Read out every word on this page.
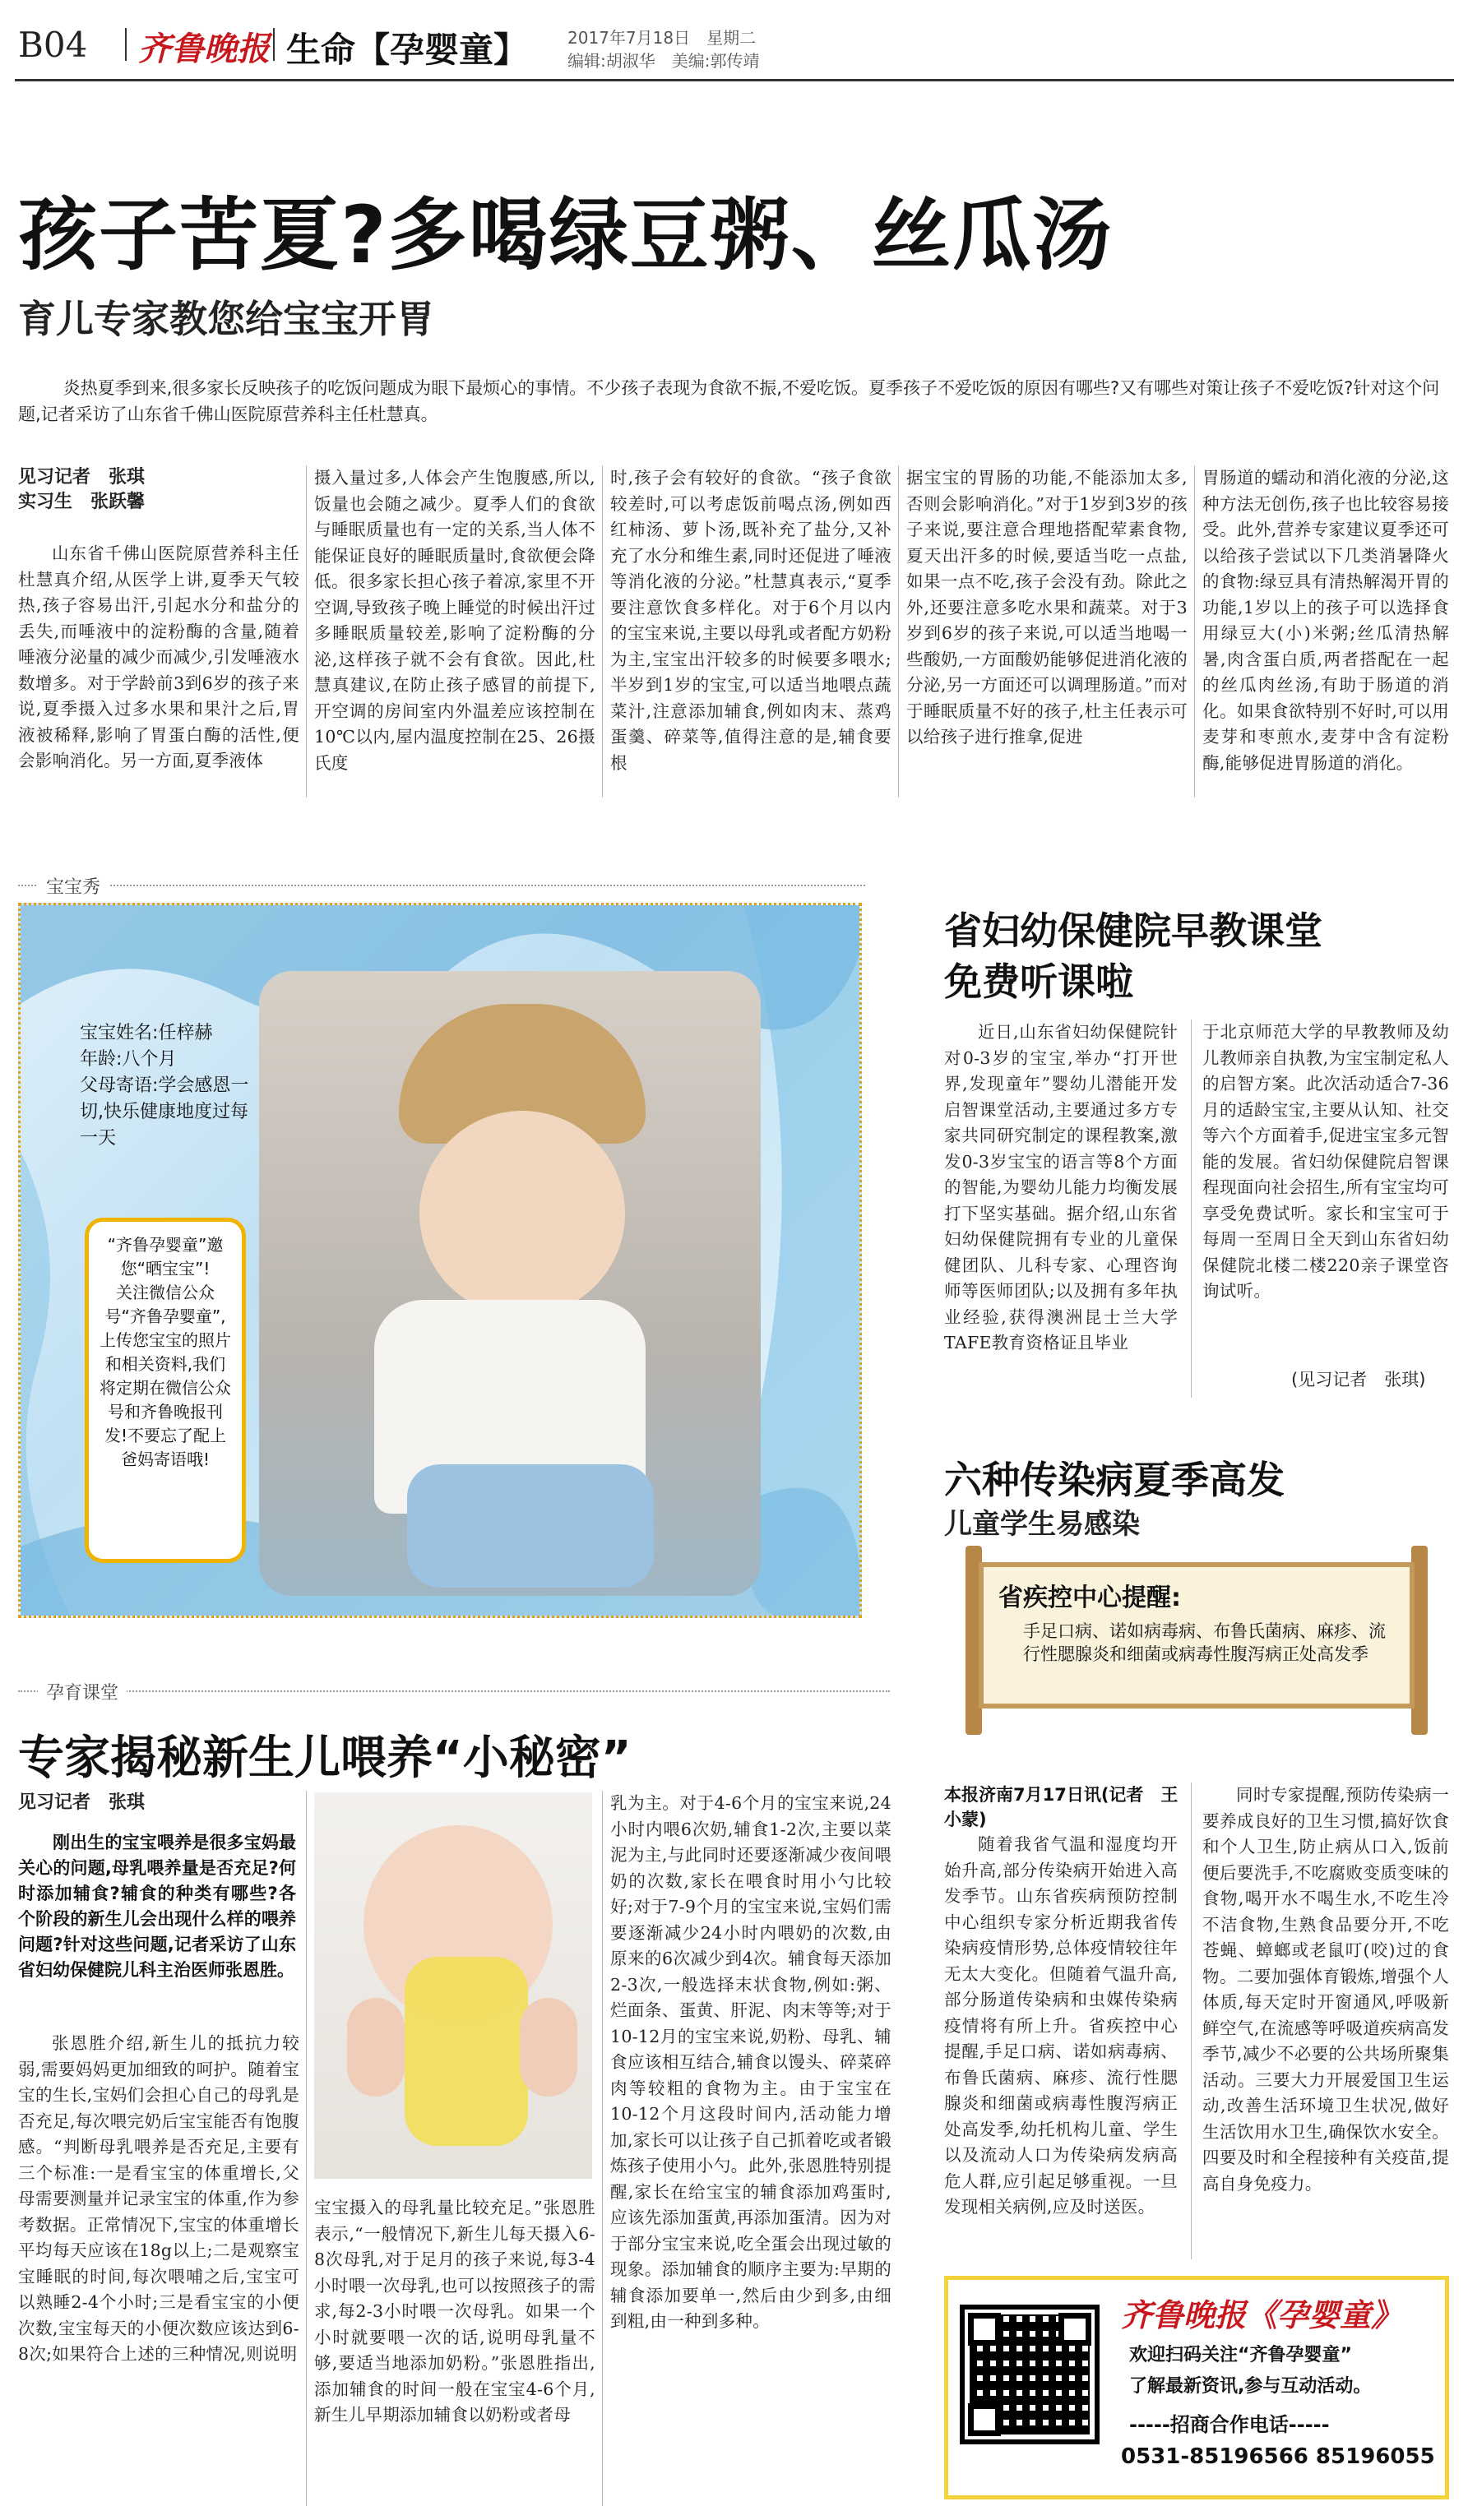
B04 齐鲁晚报 生命【孕婴童】 2017年7月18日　星期二
编辑:胡淑华　美编:郭传靖
孩子苦夏?多喝绿豆粥、丝瓜汤
育儿专家教您给宝宝开胃
炎热夏季到来,很多家长反映孩子的吃饭问题成为眼下最烦心的事情。不少孩子表现为食欲不振,不爱吃饭。夏季孩子不爱吃饭的原因有哪些?又有哪些对策让孩子不爱吃饭?针对这个问题,记者采访了山东省千佛山医院原营养科主任杜慧真。
见习记者　张琪
实习生　张跃馨

山东省千佛山医院原营养科主任杜慧真介绍,从医学上讲,夏季天气较热,孩子容易出汗,引起水分和盐分的丢失,而唾液中的淀粉酶的含量,随着唾液分泌量的减少而减少,引发唾液水数增多。对于学龄前3到6岁的孩子来说,夏季摄入过多水果和果汁之后,胃液被稀释,影响了胃蛋白酶的活性,便会影响消化。另一方面,夏季液体

摄入量过多,人体会产生饱腹感,所以,饭量也会随之减少。夏季人们的食欲与睡眠质量也有一定的关系,当人体不能保证良好的睡眠质量时,食欲便会降低。很多家长担心孩子着凉,家里不开空调,导致孩子晚上睡觉的时候出汗过多睡眠质量较差,影响了淀粉酶的分泌,这样孩子就不会有食欲。因此,杜慧真建议,在防止孩子感冒的前提下,开空调的房间室内外温差应该控制在10℃以内,屋内温度控制在25、26摄氏度

时,孩子会有较好的食欲。“孩子食欲较差时,可以考虑饭前喝点汤,例如西红柿汤、萝卜汤,既补充了盐分,又补充了水分和维生素,同时还促进了唾液等消化液的分泌。”杜慧真表示,“夏季要注意饮食多样化。对于6个月以内的宝宝来说,主要以母乳或者配方奶粉为主,宝宝出汗较多的时候要多喂水;半岁到1岁的宝宝,可以适当地喂点蔬菜汁,注意添加辅食,例如肉末、蒸鸡蛋羹、碎菜等,值得注意的是,辅食要根

据宝宝的胃肠的功能,不能添加太多,否则会影响消化。”对于1岁到3岁的孩子来说,要注意合理地搭配荤素食物,夏天出汗多的时候,要适当吃一点盐,如果一点不吃,孩子会没有劲。除此之外,还要注意多吃水果和蔬菜。对于3岁到6岁的孩子来说,可以适当地喝一些酸奶,一方面酸奶能够促进消化液的分泌,另一方面还可以调理肠道。”而对于睡眠质量不好的孩子,杜主任表示可以给孩子进行推拿,促进

胃肠道的蠕动和消化液的分泌,这种方法无创伤,孩子也比较容易接受。此外,营养专家建议夏季还可以给孩子尝试以下几类消暑降火的食物:绿豆具有清热解渴开胃的功能,1岁以上的孩子可以选择食用绿豆大(小)米粥;丝瓜清热解暑,肉含蛋白质,两者搭配在一起的丝瓜肉丝汤,有助于肠道的消化。如果食欲特别不好时,可以用麦芽和枣煎水,麦芽中含有淀粉酶,能够促进胃肠道的消化。

宝宝秀
宝宝姓名:任梓赫
年龄:八个月
父母寄语:学会感恩一切,快乐健康地度过每一天
“齐鲁孕婴童”邀您“晒宝宝”!
关注微信公众号“齐鲁孕婴童”,上传您宝宝的照片和相关资料,我们将定期在微信公众号和齐鲁晚报刊发!不要忘了配上爸妈寄语哦!
省妇幼保健院早教课堂
免费听课啦

近日,山东省妇幼保健院针对0-3岁的宝宝,举办“打开世界,发现童年”婴幼儿潜能开发启智课堂活动,主要通过多方专家共同研究制定的课程教案,激发0-3岁宝宝的语言等8个方面的智能,为婴幼儿能力均衡发展打下坚实基础。据介绍,山东省妇幼保健院拥有专业的儿童保健团队、儿科专家、心理咨询师等医师团队;以及拥有多年执业经验,获得澳洲昆士兰大学TAFE教育资格证且毕业

于北京师范大学的早教教师及幼儿教师亲自执教,为宝宝制定私人的启智方案。此次活动适合7-36月的适龄宝宝,主要从认知、社交等六个方面着手,促进宝宝多元智能的发展。省妇幼保健院启智课程现面向社会招生,所有宝宝均可享受免费试听。家长和宝宝可于每周一至周日全天到山东省妇幼保健院北楼二楼220亲子课堂咨询试听。

(见习记者　张琪)
六种传染病夏季高发
儿童学生易感染
省疾控中心提醒:
手足口病、诺如病毒病、布鲁氏菌病、麻疹、流行性腮腺炎和细菌或病毒性腹泻病正处高发季
本报济南7月17日讯(记者　王小蒙)

随着我省气温和湿度均开始升高,部分传染病开始进入高发季节。山东省疾病预防控制中心组织专家分析近期我省传染病疫情形势,总体疫情较往年无太大变化。但随着气温升高,部分肠道传染病和虫媒传染病疫情将有所上升。省疾控中心提醒,手足口病、诺如病毒病、布鲁氏菌病、麻疹、流行性腮腺炎和细菌或病毒性腹泻病正处高发季,幼托机构儿童、学生以及流动人口为传染病发病高危人群,应引起足够重视。一旦发现相关病例,应及时送医。

同时专家提醒,预防传染病一要养成良好的卫生习惯,搞好饮食和个人卫生,防止病从口入,饭前便后要洗手,不吃腐败变质变味的食物,喝开水不喝生水,不吃生冷不洁食物,生熟食品要分开,不吃苍蝇、蟑螂或老鼠叮(咬)过的食物。二要加强体育锻炼,增强个人体质,每天定时开窗通风,呼吸新鲜空气,在流感等呼吸道疾病高发季节,减少不必要的公共场所聚集活动。三要大力开展爱国卫生运动,改善生活环境卫生状况,做好生活饮用水卫生,确保饮水安全。四要及时和全程接种有关疫苗,提高自身免疫力。

孕育课堂
专家揭秘新生儿喂养“小秘密”
见习记者　张琪
刚出生的宝宝喂养是很多宝妈最关心的问题,母乳喂养量是否充足?何时添加辅食?辅食的种类有哪些?各个阶段的新生儿会出现什么样的喂养问题?针对这些问题,记者采访了山东省妇幼保健院儿科主治医师张恩胜。

张恩胜介绍,新生儿的抵抗力较弱,需要妈妈更加细致的呵护。随着宝宝的生长,宝妈们会担心自己的母乳是否充足,每次喂完奶后宝宝能否有饱腹感。“判断母乳喂养是否充足,主要有三个标准:一是看宝宝的体重增长,父母需要测量并记录宝宝的体重,作为参考数据。正常情况下,宝宝的体重增长平均每天应该在18g以上;二是观察宝宝睡眠的时间,每次喂哺之后,宝宝可以熟睡2-4个小时;三是看宝宝的小便次数,宝宝每天的小便次数应该达到6-8次;如果符合上述的三种情况,则说明

宝宝摄入的母乳量比较充足。”张恩胜表示,“一般情况下,新生儿每天摄入6-8次母乳,对于足月的孩子来说,每3-4小时喂一次母乳,也可以按照孩子的需求,每2-3小时喂一次母乳。如果一个小时就要喂一次的话,说明母乳量不够,要适当地添加奶粉。”张恩胜指出,添加辅食的时间一般在宝宝4-6个月,新生儿早期添加辅食以奶粉或者母

乳为主。对于4-6个月的宝宝来说,24小时内喂6次奶,辅食1-2次,主要以菜泥为主,与此同时还要逐渐减少夜间喂奶的次数,家长在喂食时用小勺比较好;对于7-9个月的宝宝来说,宝妈们需要逐渐减少24小时内喂奶的次数,由原来的6次减少到4次。辅食每天添加2-3次,一般选择末状食物,例如:粥、烂面条、蛋黄、肝泥、肉末等等;对于10-12月的宝宝来说,奶粉、母乳、辅食应该相互结合,辅食以馒头、碎菜碎肉等较粗的食物为主。由于宝宝在10-12个月这段时间内,活动能力增加,家长可以让孩子自己抓着吃或者锻炼孩子使用小勺。此外,张恩胜特别提醒,家长在给宝宝的辅食添加鸡蛋时,应该先添加蛋黄,再添加蛋清。因为对于部分宝宝来说,吃全蛋会出现过敏的现象。添加辅食的顺序主要为:早期的辅食添加要单一,然后由少到多,由细到粗,由一种到多种。	齐鲁晚报《孕婴童》
欢迎扫码关注“齐鲁孕婴童”
了解最新资讯,参与互动活动。
-----招商合作电话-----
0531-85196566 85196055
